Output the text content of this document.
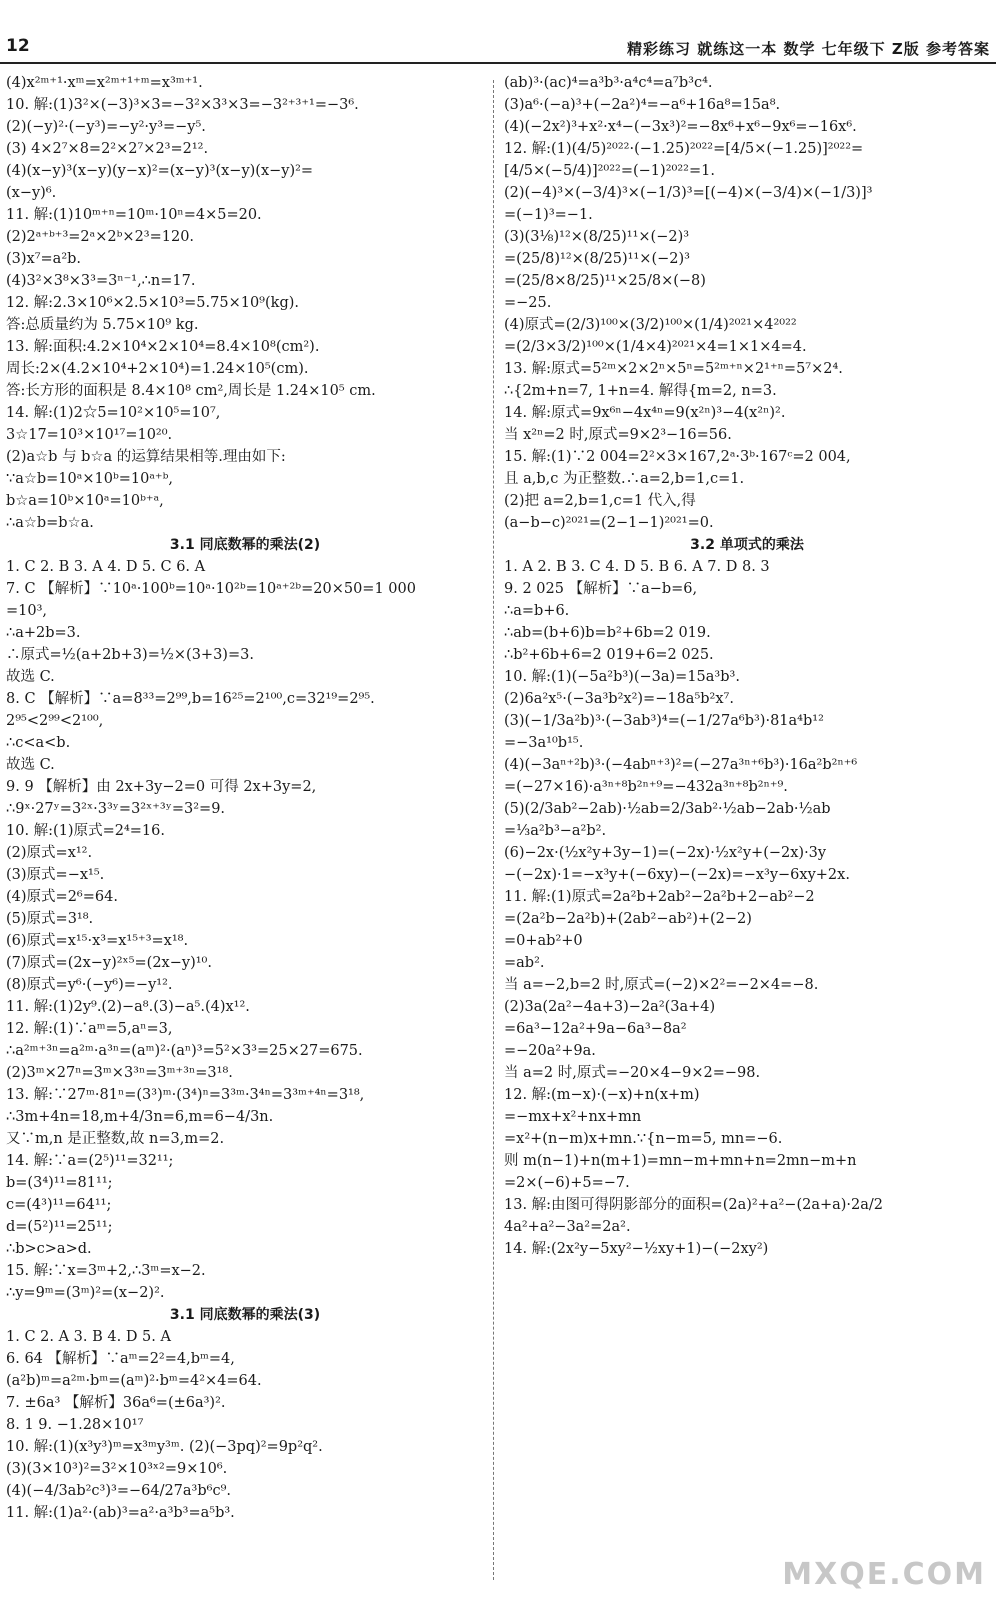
12	精彩练习 就练这一本 数学 七年级下 Z版 参考答案
(4)x²ᵐ⁺¹·xᵐ=x²ᵐ⁺¹⁺ᵐ=x³ᵐ⁺¹.
10. 解:(1)3²×(−3)³×3=−3²×3³×3=−3²⁺³⁺¹=−3⁶.
(2)(−y)²·(−y³)=−y²·y³=−y⁵.
(3) 4×2⁷×8=2²×2⁷×2³=2¹².
(4)(x−y)³(x−y)(y−x)²=(x−y)³(x−y)(x−y)²=
(x−y)⁶.
11. 解:(1)10ᵐ⁺ⁿ=10ᵐ·10ⁿ=4×5=20.
(2)2ᵃ⁺ᵇ⁺³=2ᵃ×2ᵇ×2³=120.
(3)x⁷=a²b.
(4)3²×3⁸×3³=3ⁿ⁻¹,∴n=17.
12. 解:2.3×10⁶×2.5×10³=5.75×10⁹(kg).
答:总质量约为 5.75×10⁹ kg.
13. 解:面积:4.2×10⁴×2×10⁴=8.4×10⁸(cm²).
周长:2×(4.2×10⁴+2×10⁴)=1.24×10⁵(cm).
答:长方形的面积是 8.4×10⁸ cm²,周长是 1.24×10⁵ cm.
14. 解:(1)2☆5=10²×10⁵=10⁷,
3☆17=10³×10¹⁷=10²⁰.
(2)a☆b 与 b☆a 的运算结果相等.理由如下:
∵a☆b=10ᵃ×10ᵇ=10ᵃ⁺ᵇ,
b☆a=10ᵇ×10ᵃ=10ᵇ⁺ᵃ,
∴a☆b=b☆a.
3.1 同底数幂的乘法(2)
1. C 2. B 3. A 4. D 5. C 6. A
7. C 【解析】∵10ᵃ·100ᵇ=10ᵃ·10²ᵇ=10ᵃ⁺²ᵇ=20×50=1 000
=10³,
∴a+2b=3.
∴原式=½(a+2b+3)=½×(3+3)=3.
故选 C.
8. C 【解析】∵a=8³³=2⁹⁹,b=16²⁵=2¹⁰⁰,c=32¹⁹=2⁹⁵.
2⁹⁵<2⁹⁹<2¹⁰⁰,
∴c<a<b.
故选 C.
9. 9 【解析】由 2x+3y−2=0 可得 2x+3y=2,
∴9ˣ·27ʸ=3²ˣ·3³ʸ=3²ˣ⁺³ʸ=3²=9.
10. 解:(1)原式=2⁴=16.
(2)原式=x¹².
(3)原式=−x¹⁵.
(4)原式=2⁶=64.
(5)原式=3¹⁸.
(6)原式=x¹⁵·x³=x¹⁵⁺³=x¹⁸.
(7)原式=(2x−y)²ˣ⁵=(2x−y)¹⁰.
(8)原式=y⁶·(−y⁶)=−y¹².
11. 解:(1)2y⁹.(2)−a⁸.(3)−a⁵.(4)x¹².
12. 解:(1)∵aᵐ=5,aⁿ=3,
∴a²ᵐ⁺³ⁿ=a²ᵐ·a³ⁿ=(aᵐ)²·(aⁿ)³=5²×3³=25×27=675.
(2)3ᵐ×27ⁿ=3ᵐ×3³ⁿ=3ᵐ⁺³ⁿ=3¹⁸.
13. 解:∵27ᵐ·81ⁿ=(3³)ᵐ·(3⁴)ⁿ=3³ᵐ·3⁴ⁿ=3³ᵐ⁺⁴ⁿ=3¹⁸,
∴3m+4n=18,m+4/3n=6,m=6−4/3n.
又∵m,n 是正整数,故 n=3,m=2.
14. 解:∵a=(2⁵)¹¹=32¹¹;
b=(3⁴)¹¹=81¹¹;
c=(4³)¹¹=64¹¹;
d=(5²)¹¹=25¹¹;
∴b>c>a>d.
15. 解:∵x=3ᵐ+2,∴3ᵐ=x−2.
∴y=9ᵐ=(3ᵐ)²=(x−2)².
3.1 同底数幂的乘法(3)
1. C 2. A 3. B 4. D 5. A
6. 64 【解析】∵aᵐ=2²=4,bᵐ=4,
(a²b)ᵐ=a²ᵐ·bᵐ=(aᵐ)²·bᵐ=4²×4=64.
7. ±6a³ 【解析】36a⁶=(±6a³)².
8. 1 9. −1.28×10¹⁷
10. 解:(1)(x³y³)ᵐ=x³ᵐy³ᵐ. (2)(−3pq)²=9p²q².
(3)(3×10³)²=3²×10³ˣ²=9×10⁶.
(4)(−4/3ab²c³)³=−64/27a³b⁶c⁹.
11. 解:(1)a²·(ab)³=a²·a³b³=a⁵b³.
(ab)³·(ac)⁴=a³b³·a⁴c⁴=a⁷b³c⁴.
(3)a⁶·(−a)³+(−2a²)⁴=−a⁶+16a⁸=15a⁸.
(4)(−2x²)³+x²·x⁴−(−3x³)²=−8x⁶+x⁶−9x⁶=−16x⁶.
12. 解:(1)(4/5)²⁰²²·(−1.25)²⁰²²=[4/5×(−1.25)]²⁰²²=
[4/5×(−5/4)]²⁰²²=(−1)²⁰²²=1.
(2)(−4)³×(−3/4)³×(−1/3)³=[(−4)×(−3/4)×(−1/3)]³
=(−1)³=−1.
(3)(3⅛)¹²×(8/25)¹¹×(−2)³
=(25/8)¹²×(8/25)¹¹×(−2)³
=(25/8×8/25)¹¹×25/8×(−8)
=−25.
(4)原式=(2/3)¹⁰⁰×(3/2)¹⁰⁰×(1/4)²⁰²¹×4²⁰²²
=(2/3×3/2)¹⁰⁰×(1/4×4)²⁰²¹×4=1×1×4=4.
13. 解:原式=5²ᵐ×2×2ⁿ×5ⁿ=5²ᵐ⁺ⁿ×2¹⁺ⁿ=5⁷×2⁴.
∴{2m+n=7, 1+n=4. 解得{m=2, n=3.
14. 解:原式=9x⁶ⁿ−4x⁴ⁿ=9(x²ⁿ)³−4(x²ⁿ)².
当 x²ⁿ=2 时,原式=9×2³−16=56.
15. 解:(1)∵2 004=2²×3×167,2ᵃ·3ᵇ·167ᶜ=2 004,
且 a,b,c 为正整数.∴a=2,b=1,c=1.
(2)把 a=2,b=1,c=1 代入,得
(a−b−c)²⁰²¹=(2−1−1)²⁰²¹=0.
3.2 单项式的乘法
1. A 2. B 3. C 4. D 5. B 6. A 7. D 8. 3
9. 2 025 【解析】∵a−b=6,
∴a=b+6.
∴ab=(b+6)b=b²+6b=2 019.
∴b²+6b+6=2 019+6=2 025.
10. 解:(1)(−5a²b³)(−3a)=15a³b³.
(2)6a²x⁵·(−3a³b²x²)=−18a⁵b²x⁷.
(3)(−1/3a²b)³·(−3ab³)⁴=(−1/27a⁶b³)·81a⁴b¹²
=−3a¹⁰b¹⁵.
(4)(−3aⁿ⁺²b)³·(−4abⁿ⁺³)²=(−27a³ⁿ⁺⁶b³)·16a²b²ⁿ⁺⁶
=(−27×16)·a³ⁿ⁺⁸b²ⁿ⁺⁹=−432a³ⁿ⁺⁸b²ⁿ⁺⁹.
(5)(2/3ab²−2ab)·½ab=2/3ab²·½ab−2ab·½ab
=⅓a²b³−a²b².
(6)−2x·(½x²y+3y−1)=(−2x)·½x²y+(−2x)·3y
−(−2x)·1=−x³y+(−6xy)−(−2x)=−x³y−6xy+2x.
11. 解:(1)原式=2a²b+2ab²−2a²b+2−ab²−2
=(2a²b−2a²b)+(2ab²−ab²)+(2−2)
=0+ab²+0
=ab².
当 a=−2,b=2 时,原式=(−2)×2²=−2×4=−8.
(2)3a(2a²−4a+3)−2a²(3a+4)
=6a³−12a²+9a−6a³−8a²
=−20a²+9a.
当 a=2 时,原式=−20×4−9×2=−98.
12. 解:(m−x)·(−x)+n(x+m)
=−mx+x²+nx+mn
=x²+(n−m)x+mn.∵{n−m=5, mn=−6.
则 m(n−1)+n(m+1)=mn−m+mn+n=2mn−m+n
=2×(−6)+5=−7.
13. 解:由图可得阴影部分的面积=(2a)²+a²−(2a+a)·2a/2
4a²+a²−3a²=2a².
14. 解:(2x²y−5xy²−½xy+1)−(−2xy²)
MXQE.COM
